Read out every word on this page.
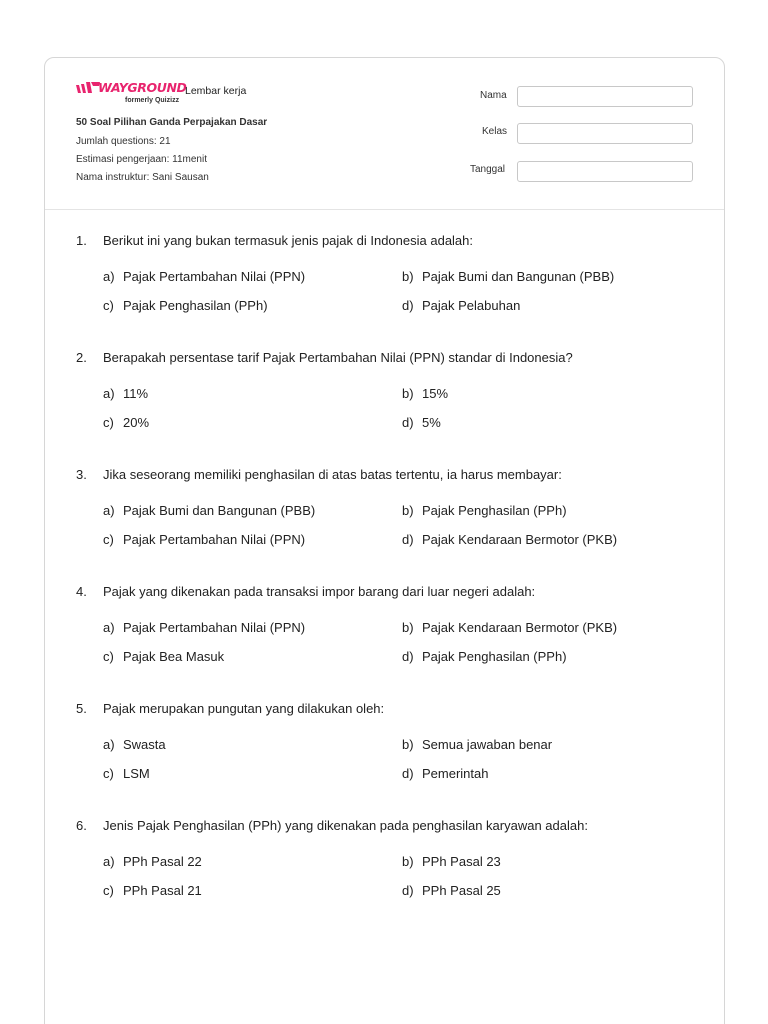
WAYGROUND
formerly Quizizz
Lembar kerja
50 Soal Pilihan Ganda Perpajakan Dasar
Jumlah questions: 21
Estimasi pengerjaan: 11menit
Nama instruktur: Sani Sausan
Nama
Kelas
Tanggal
1. Berikut ini yang bukan termasuk jenis pajak di Indonesia adalah:
a) Pajak Pertambahan Nilai (PPN)	b) Pajak Bumi dan Bangunan (PBB)
c) Pajak Penghasilan (PPh)	d) Pajak Pelabuhan
2. Berapakah persentase tarif Pajak Pertambahan Nilai (PPN) standar di Indonesia?
a) 11%	b) 15%
c) 20%	d) 5%
3. Jika seseorang memiliki penghasilan di atas batas tertentu, ia harus membayar:
a) Pajak Bumi dan Bangunan (PBB)	b) Pajak Penghasilan (PPh)
c) Pajak Pertambahan Nilai (PPN)	d) Pajak Kendaraan Bermotor (PKB)
4. Pajak yang dikenakan pada transaksi impor barang dari luar negeri adalah:
a) Pajak Pertambahan Nilai (PPN)	b) Pajak Kendaraan Bermotor (PKB)
c) Pajak Bea Masuk	d) Pajak Penghasilan (PPh)
5. Pajak merupakan pungutan yang dilakukan oleh:
a) Swasta	b) Semua jawaban benar
c) LSM	d) Pemerintah
6. Jenis Pajak Penghasilan (PPh) yang dikenakan pada penghasilan karyawan adalah:
a) PPh Pasal 22	b) PPh Pasal 23
c) PPh Pasal 21	d) PPh Pasal 25
